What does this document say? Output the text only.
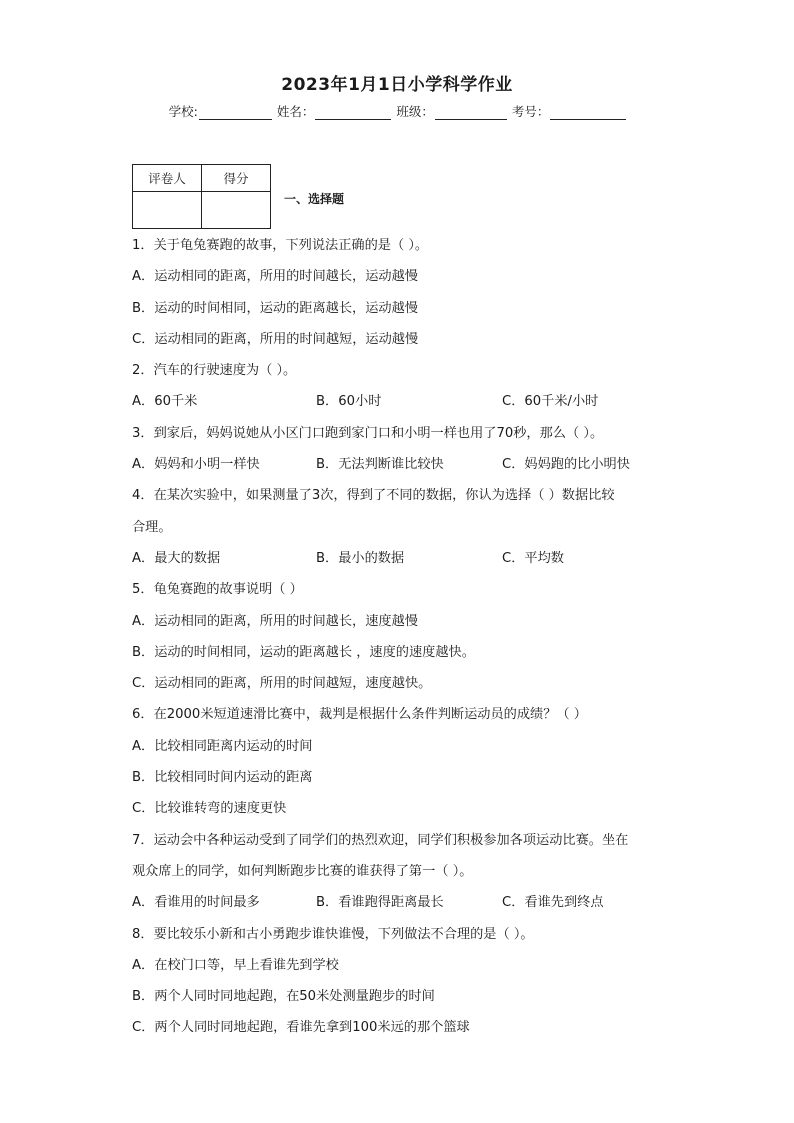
2023年1月1日小学科学作业
学校:	姓名：	班级：	考号：
评卷人	得分

一、选择题
1．关于龟兔赛跑的故事，下列说法正确的是（ ）。
A．运动相同的距离，所用的时间越长，运动越慢
B．运动的时间相同，运动的距离越长，运动越慢
C．运动相同的距离，所用的时间越短，运动越慢
2．汽车的行驶速度为（ ）。
A．60千米	B．60小时	C．60千米/小时
3．到家后，妈妈说她从小区门口跑到家门口和小明一样也用了70秒，那么（ ）。
A．妈妈和小明一样快	B．无法判断谁比较快	C．妈妈跑的比小明快
4．在某次实验中，如果测量了3次，得到了不同的数据，你认为选择（ ）数据比较
合理。
A．最大的数据	B．最小的数据	C．平均数
5．龟兔赛跑的故事说明（ ）
A．运动相同的距离，所用的时间越长，速度越慢
B．运动的时间相同，运动的距离越长 ，速度的速度越快。
C．运动相同的距离，所用的时间越短，速度越快。
6．在2000米短道速滑比赛中，裁判是根据什么条件判断运动员的成绩？（ ）
A．比较相同距离内运动的时间
B．比较相同时间内运动的距离
C．比较谁转弯的速度更快
7．运动会中各种运动受到了同学们的热烈欢迎，同学们积极参加各项运动比赛。坐在
观众席上的同学，如何判断跑步比赛的谁获得了第一（ ）。
A．看谁用的时间最多	B．看谁跑得距离最长	C．看谁先到终点
8．要比较乐小新和古小勇跑步谁快谁慢，下列做法不合理的是（ ）。
A．在校门口等，早上看谁先到学校
B．两个人同时同地起跑，在50米处测量跑步的时间
C．两个人同时同地起跑，看谁先拿到100米远的那个篮球
